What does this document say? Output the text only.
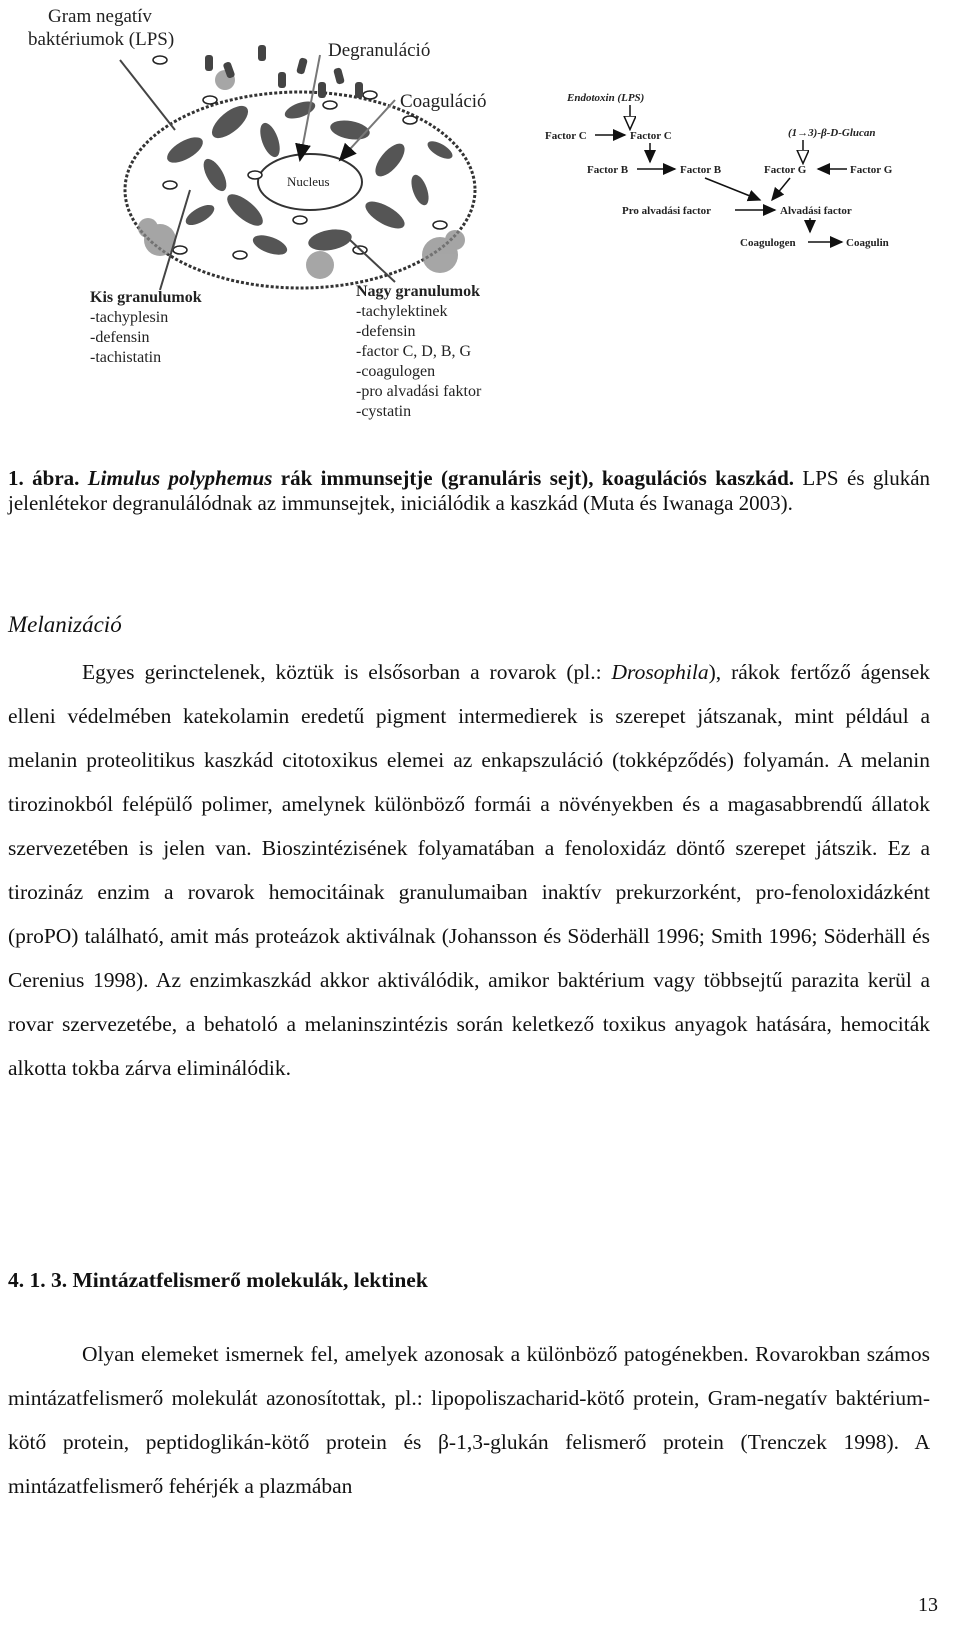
Gram negatív
baktériumok (LPS)
Degranuláció
Coaguláció
Nucleus
Kis granulumok
-tachyplesin
-defensin
-tachistatin
Nagy granulumok
-tachylektinek
-defensin
-factor C, D, B, G
-coagulogen
-pro alvadási faktor
-cystatin
Endotoxin (LPS)
(1→3)-β-D-Glucan
Factor C	Factor C
Factor B	Factor B	Factor G	Factor G
Pro alvadási factor	Alvadási factor
Coagulogen	Coagulin
1. ábra. Limulus polyphemus rák immunsejtje (granuláris sejt), koagulációs kaszkád. LPS és glukán jelenlétekor degranulálódnak az immunsejtek, iniciálódik a kaszkád (Muta és Iwanaga 2003).
Melanizáció
Egyes gerinctelenek, köztük is elsősorban a rovarok (pl.: Drosophila), rákok fertőző ágensek elleni védelmében katekolamin eredetű pigment intermedierek is szerepet játszanak, mint például a melanin proteolitikus kaszkád citotoxikus elemei az enkapszuláció (tokképződés) folyamán. A melanin tirozinokból felépülő polimer, amelynek különböző formái a növényekben és a magasabbrendű állatok szervezetében is jelen van. Bioszintézisének folyamatában a fenoloxidáz döntő szerepet játszik. Ez a tirozináz enzim a rovarok hemocitáinak granulumaiban inaktív prekurzorként, pro-fenoloxidázként (proPO) található, amit más proteázok aktiválnak (Johansson és Söderhäll 1996; Smith 1996; Söderhäll és Cerenius 1998). Az enzimkaszkád akkor aktiválódik, amikor baktérium vagy többsejtű parazita kerül a rovar szervezetébe, a behatoló a melaninszintézis során keletkező toxikus anyagok hatására, hemociták alkotta tokba zárva eliminálódik.
4. 1. 3. Mintázatfelismerő molekulák, lektinek
Olyan elemeket ismernek fel, amelyek azonosak a különböző patogénekben. Rovarokban számos mintázatfelismerő molekulát azonosítottak, pl.: lipopoliszacharid-kötő protein, Gram-negatív baktérium-kötő protein, peptidoglikán-kötő protein és β-1,3-glukán felismerő protein (Trenczek 1998). A mintázatfelismerő fehérjék a plazmában
13
